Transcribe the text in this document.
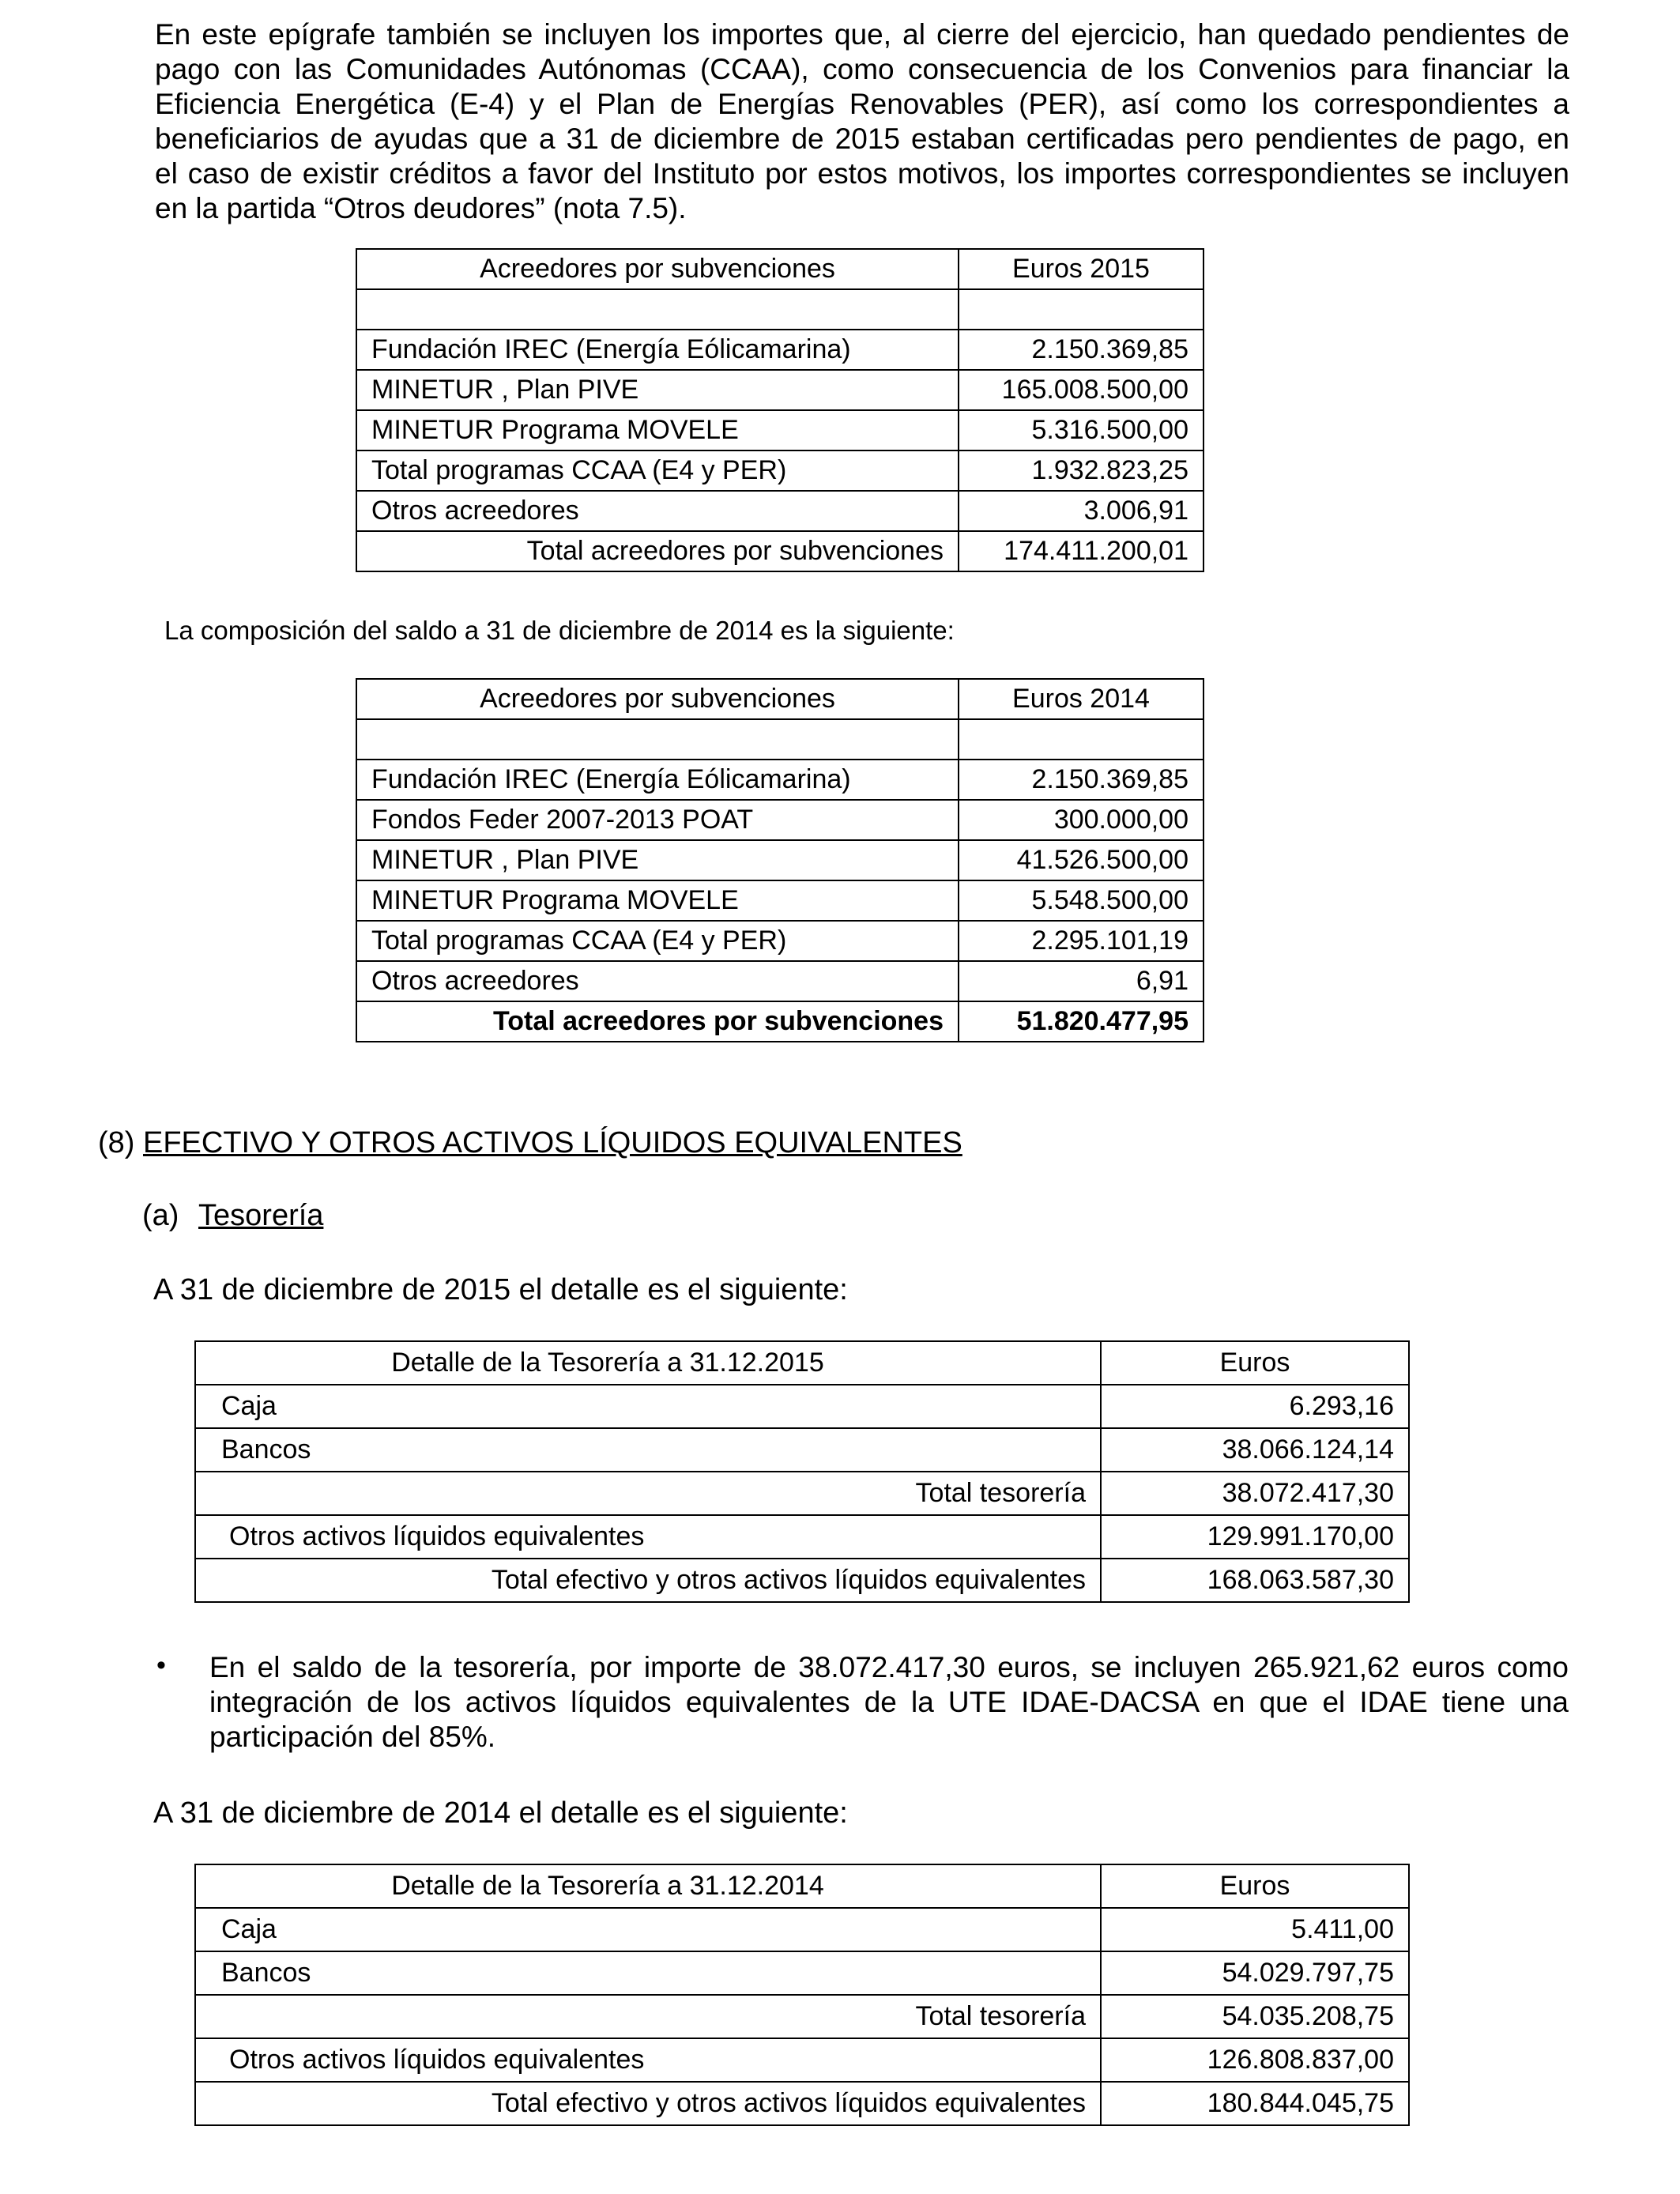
En este epígrafe también se incluyen los importes que, al cierre del ejercicio, han quedado pendientes de
pago con las Comunidades Autónomas (CCAA), como consecuencia de los Convenios para financiar la
Eficiencia Energética (E-4) y el Plan de Energías Renovables (PER), así como los correspondientes a
beneficiarios de ayudas que a 31 de diciembre de 2015 estaban certificadas pero pendientes de pago, en
el caso de existir créditos a favor del Instituto por estos motivos, los importes correspondientes se incluyen
en la partida “Otros deudores” (nota 7.5).

Acreedores por subvenciones	Euros 2015

Fundación IREC (Energía Eólicamarina)	2.150.369,85
MINETUR , Plan PIVE	165.008.500,00
MINETUR Programa MOVELE	5.316.500,00
Total programas CCAA (E4 y PER)	1.932.823,25
Otros acreedores	3.006,91
Total acreedores por subvenciones	174.411.200,01
La composición del saldo a 31 de diciembre de 2014 es la siguiente:
Acreedores por subvenciones	Euros 2014

Fundación IREC (Energía Eólicamarina)	2.150.369,85
Fondos Feder 2007-2013 POAT	300.000,00
MINETUR , Plan PIVE	41.526.500,00
MINETUR Programa MOVELE	5.548.500,00
Total programas CCAA (E4 y PER)	2.295.101,19
Otros acreedores	6,91
Total acreedores por subvenciones	51.820.477,95
(8) EFECTIVO Y OTROS ACTIVOS LÍQUIDOS EQUIVALENTES
(a) Tesorería
A 31 de diciembre de 2015 el detalle es el siguiente:
Detalle de la Tesorería a 31.12.2015	Euros
Caja	6.293,16
Bancos	38.066.124,14
Total tesorería	38.072.417,30
Otros activos líquidos equivalentes	129.991.170,00
Total efectivo y otros activos líquidos equivalentes	168.063.587,30
• En el saldo de la tesorería, por importe de 38.072.417,30 euros, se incluyen 265.921,62 euros como
integración de los activos líquidos equivalentes de la UTE IDAE-DACSA en que el IDAE tiene una
participación del 85%.

A 31 de diciembre de 2014 el detalle es el siguiente:
Detalle de la Tesorería a 31.12.2014	Euros
Caja	5.411,00
Bancos	54.029.797,75
Total tesorería	54.035.208,75
Otros activos líquidos equivalentes	126.808.837,00
Total efectivo y otros activos líquidos equivalentes	180.844.045,75
